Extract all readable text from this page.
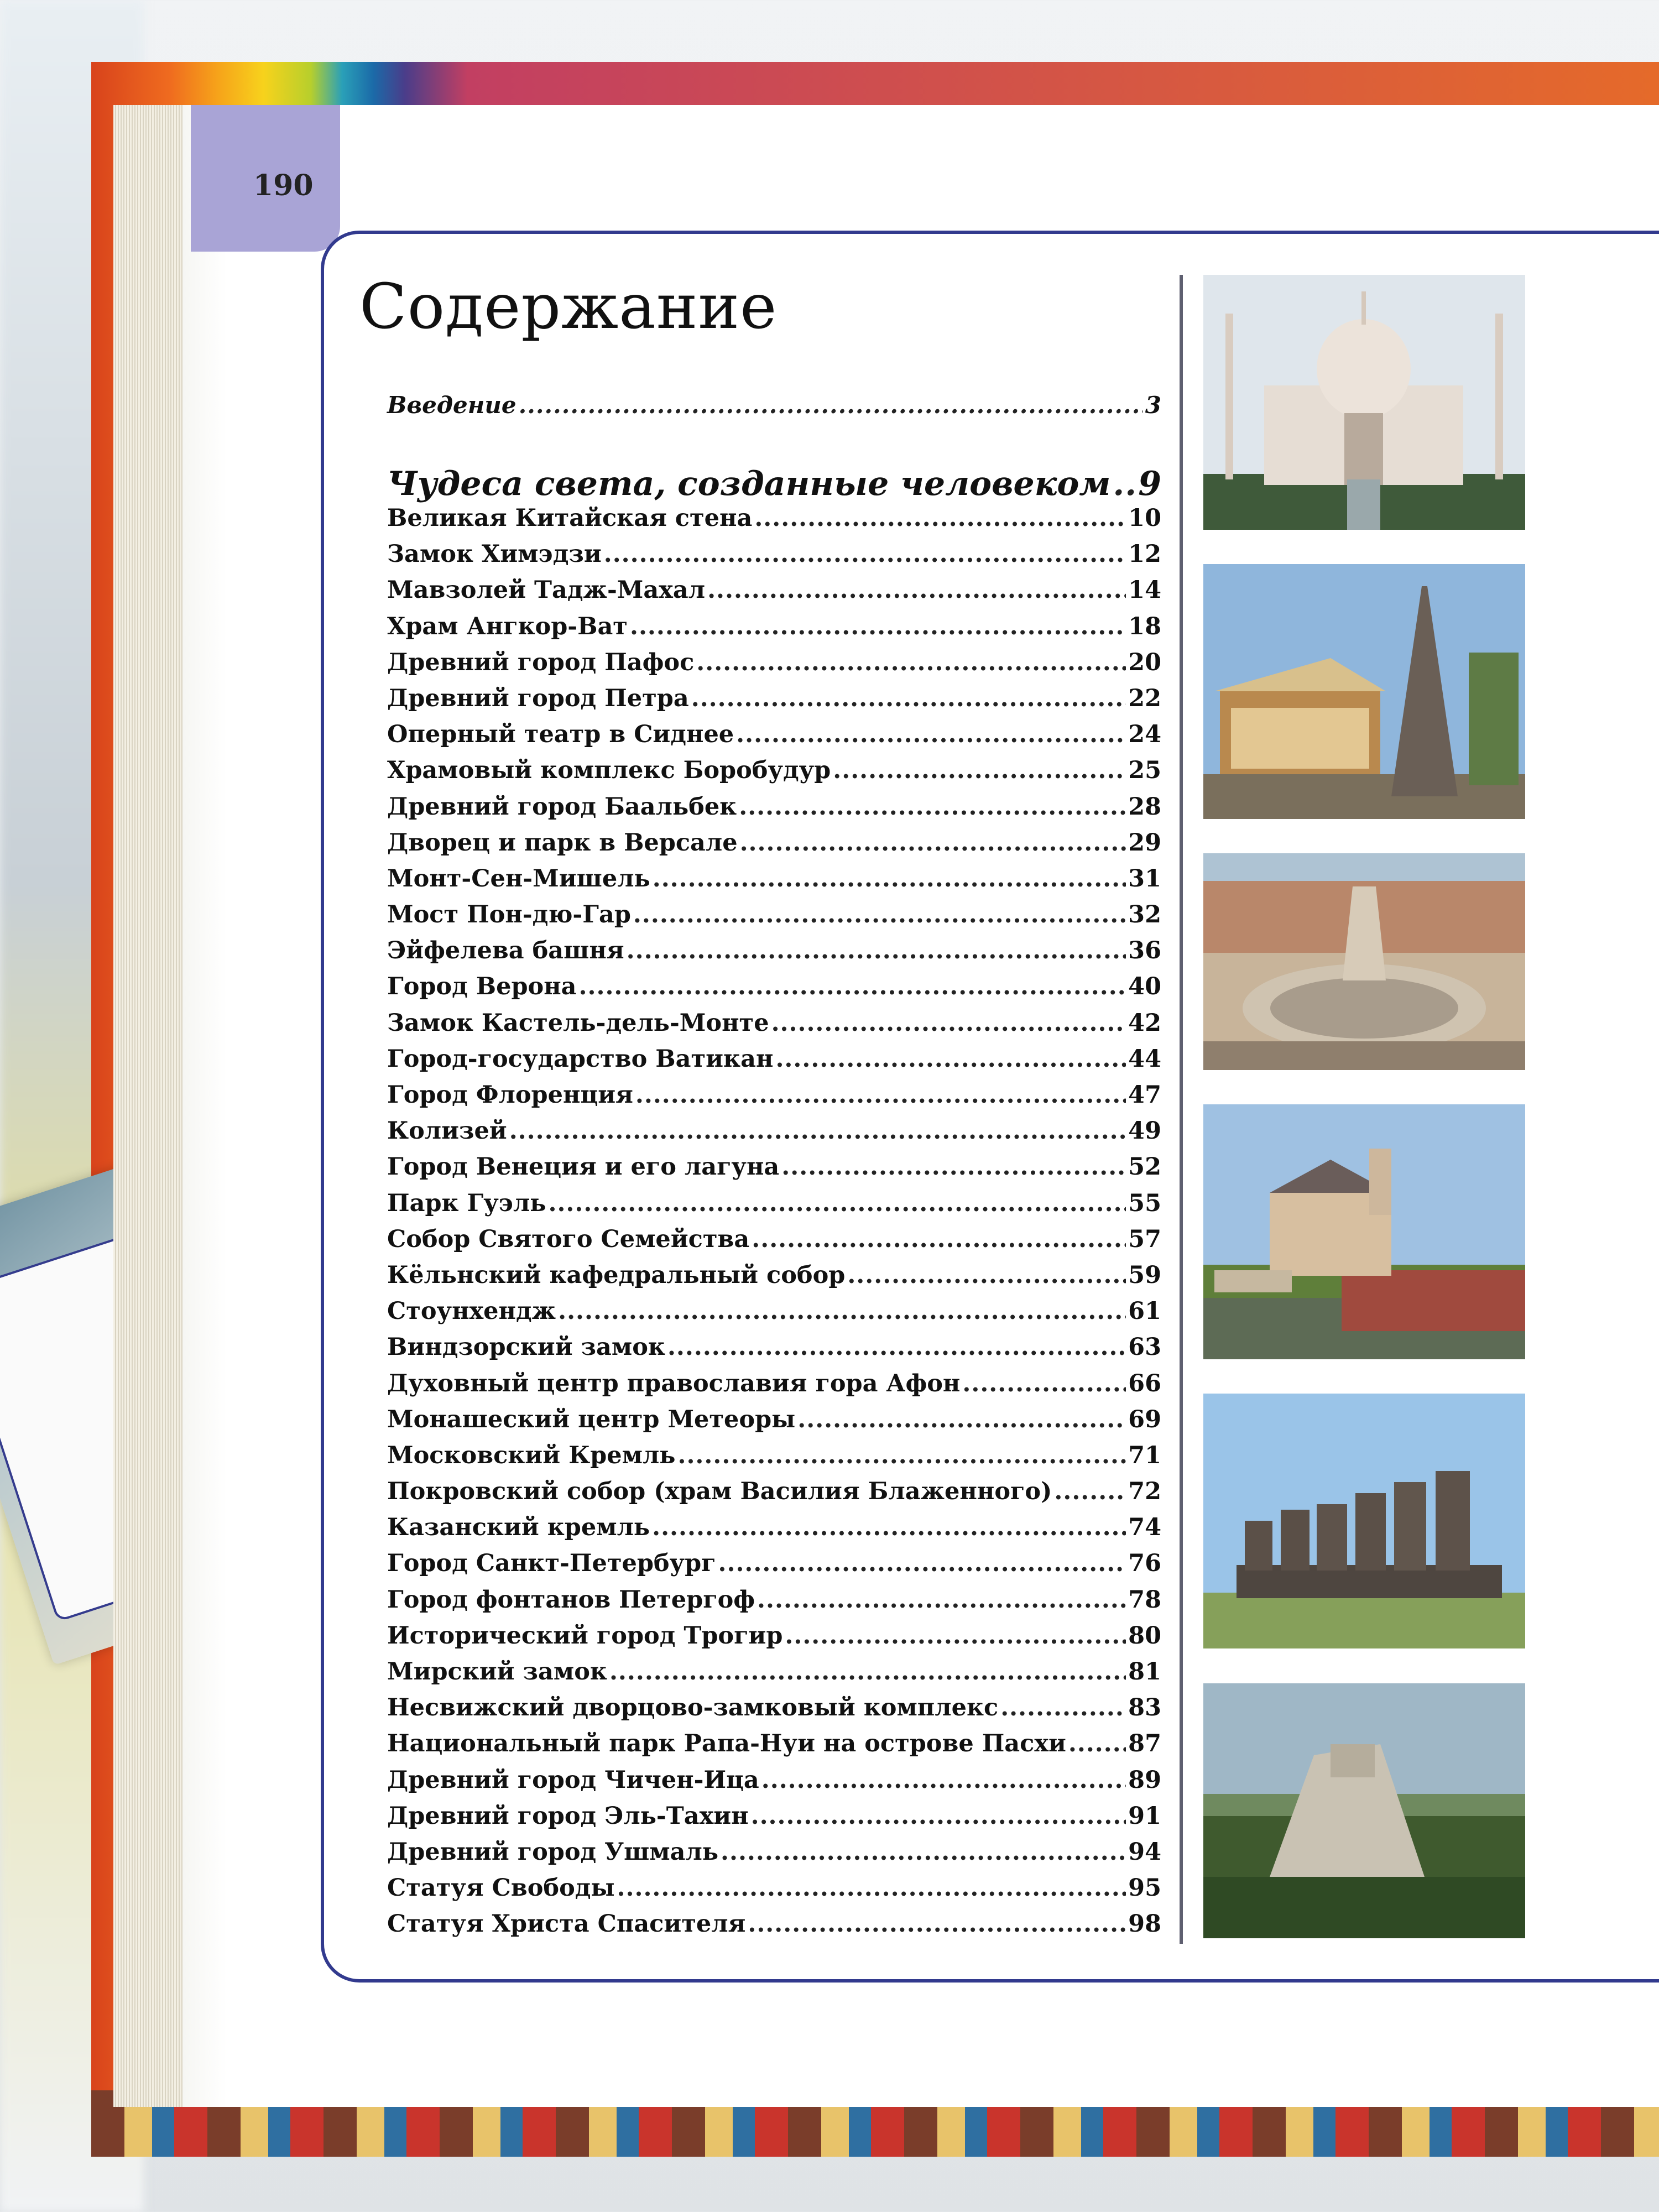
190
Содержание
Введение .....	3
Чудеса света, созданные человеком ..... 9
Великая Китайская стена .....	10
Замок Химэдзи .....	12
Мавзолей Тадж-Махал .....	14
Храм Ангкор-Ват .....	18
Древний город Пафос .....	20
Древний город Петра .....	22
Оперный театр в Сиднее .....	24
Храмовый комплекс Боробудур .....	25
Древний город Баальбек .....	28
Дворец и парк в Версале .....	29
Монт-Сен-Мишель .....	31
Мост Пон-дю-Гар .....	32
Эйфелева башня .....	36
Город Верона .....	40
Замок Кастель-дель-Монте .....	42
Город-государство Ватикан .....	44
Город Флоренция .....	47
Колизей .....	49
Город Венеция и его лагуна .....	52
Парк Гуэль .....	55
Собор Святого Семейства .....	57
Кёльнский кафедральный собор .....	59
Стоунхендж .....	61
Виндзорский замок .....	63
Духовный центр православия гора Афон .....	66
Монашеский центр Метеоры .....	69
Московский Кремль .....	71
Покровский собор (храм Василия Блаженного) .....	72
Казанский кремль .....	74
Город Санкт-Петербург .....	76
Город фонтанов Петергоф .....	78
Исторический город Трогир .....	80
Мирский замок .....	81
Несвижский дворцово-замковый комплекс .....	83
Национальный парк Рапа-Нуи на острове Пасхи .....	87
Древний город Чичен-Ица .....	89
Древний город Эль-Тахин .....	91
Древний город Ушмаль .....	94
Статуя Свободы .....	95
Статуя Христа Спасителя .....	98
